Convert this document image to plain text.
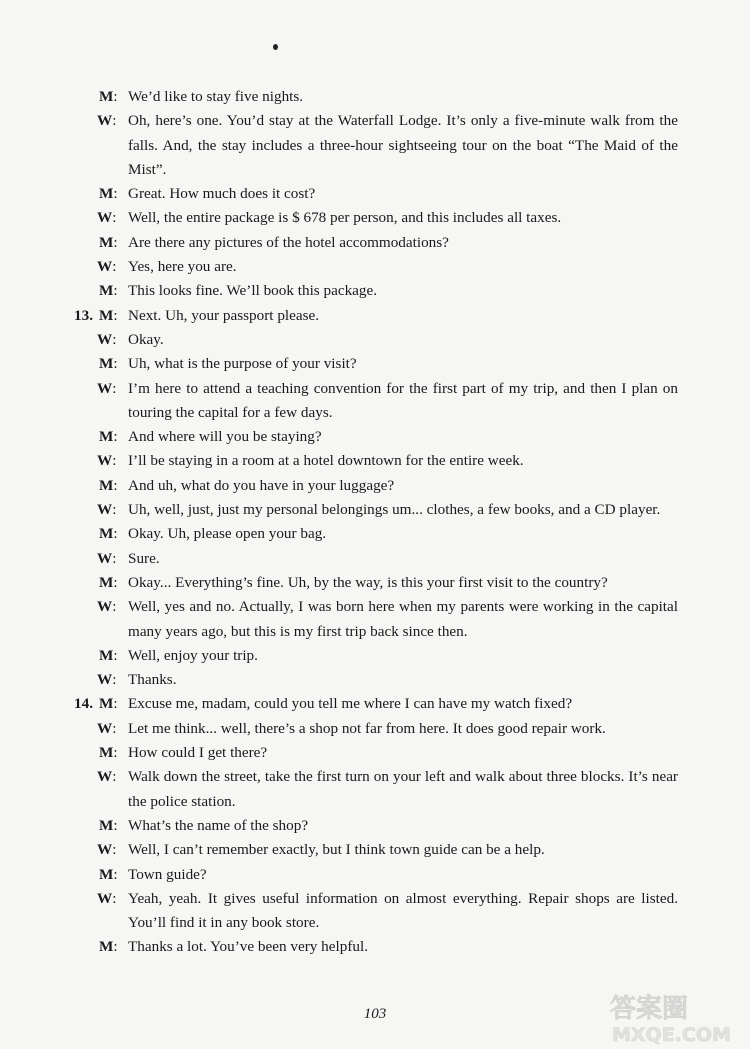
M: We’d like to stay five nights.
W: Oh, here’s one. You’d stay at the Waterfall Lodge. It’s only a five-minute walk from the falls. And, the stay includes a three-hour sightseeing tour on the boat “The Maid of the Mist”.
M: Great. How much does it cost?
W: Well, the entire package is $ 678 per person, and this includes all taxes.
M: Are there any pictures of the hotel accommodations?
W: Yes, here you are.
M: This looks fine. We’ll book this package.
13. M: Next. Uh, your passport please.
W: Okay.
M: Uh, what is the purpose of your visit?
W: I’m here to attend a teaching convention for the first part of my trip, and then I plan on touring the capital for a few days.
M: And where will you be staying?
W: I’ll be staying in a room at a hotel downtown for the entire week.
M: And uh, what do you have in your luggage?
W: Uh, well, just, just my personal belongings um... clothes, a few books, and a CD player.
M: Okay. Uh, please open your bag.
W: Sure.
M: Okay... Everything’s fine. Uh, by the way, is this your first visit to the country?
W: Well, yes and no. Actually, I was born here when my parents were working in the capital many years ago, but this is my first trip back since then.
M: Well, enjoy your trip.
W: Thanks.
14. M: Excuse me, madam, could you tell me where I can have my watch fixed?
W: Let me think... well, there’s a shop not far from here. It does good repair work.
M: How could I get there?
W: Walk down the street, take the first turn on your left and walk about three blocks. It’s near the police station.
M: What’s the name of the shop?
W: Well, I can’t remember exactly, but I think town guide can be a help.
M: Town guide?
W: Yeah, yeah. It gives useful information on almost everything. Repair shops are listed. You’ll find it in any book store.
M: Thanks a lot. You’ve been very helpful.
103	答案圈
MXQE.COM
